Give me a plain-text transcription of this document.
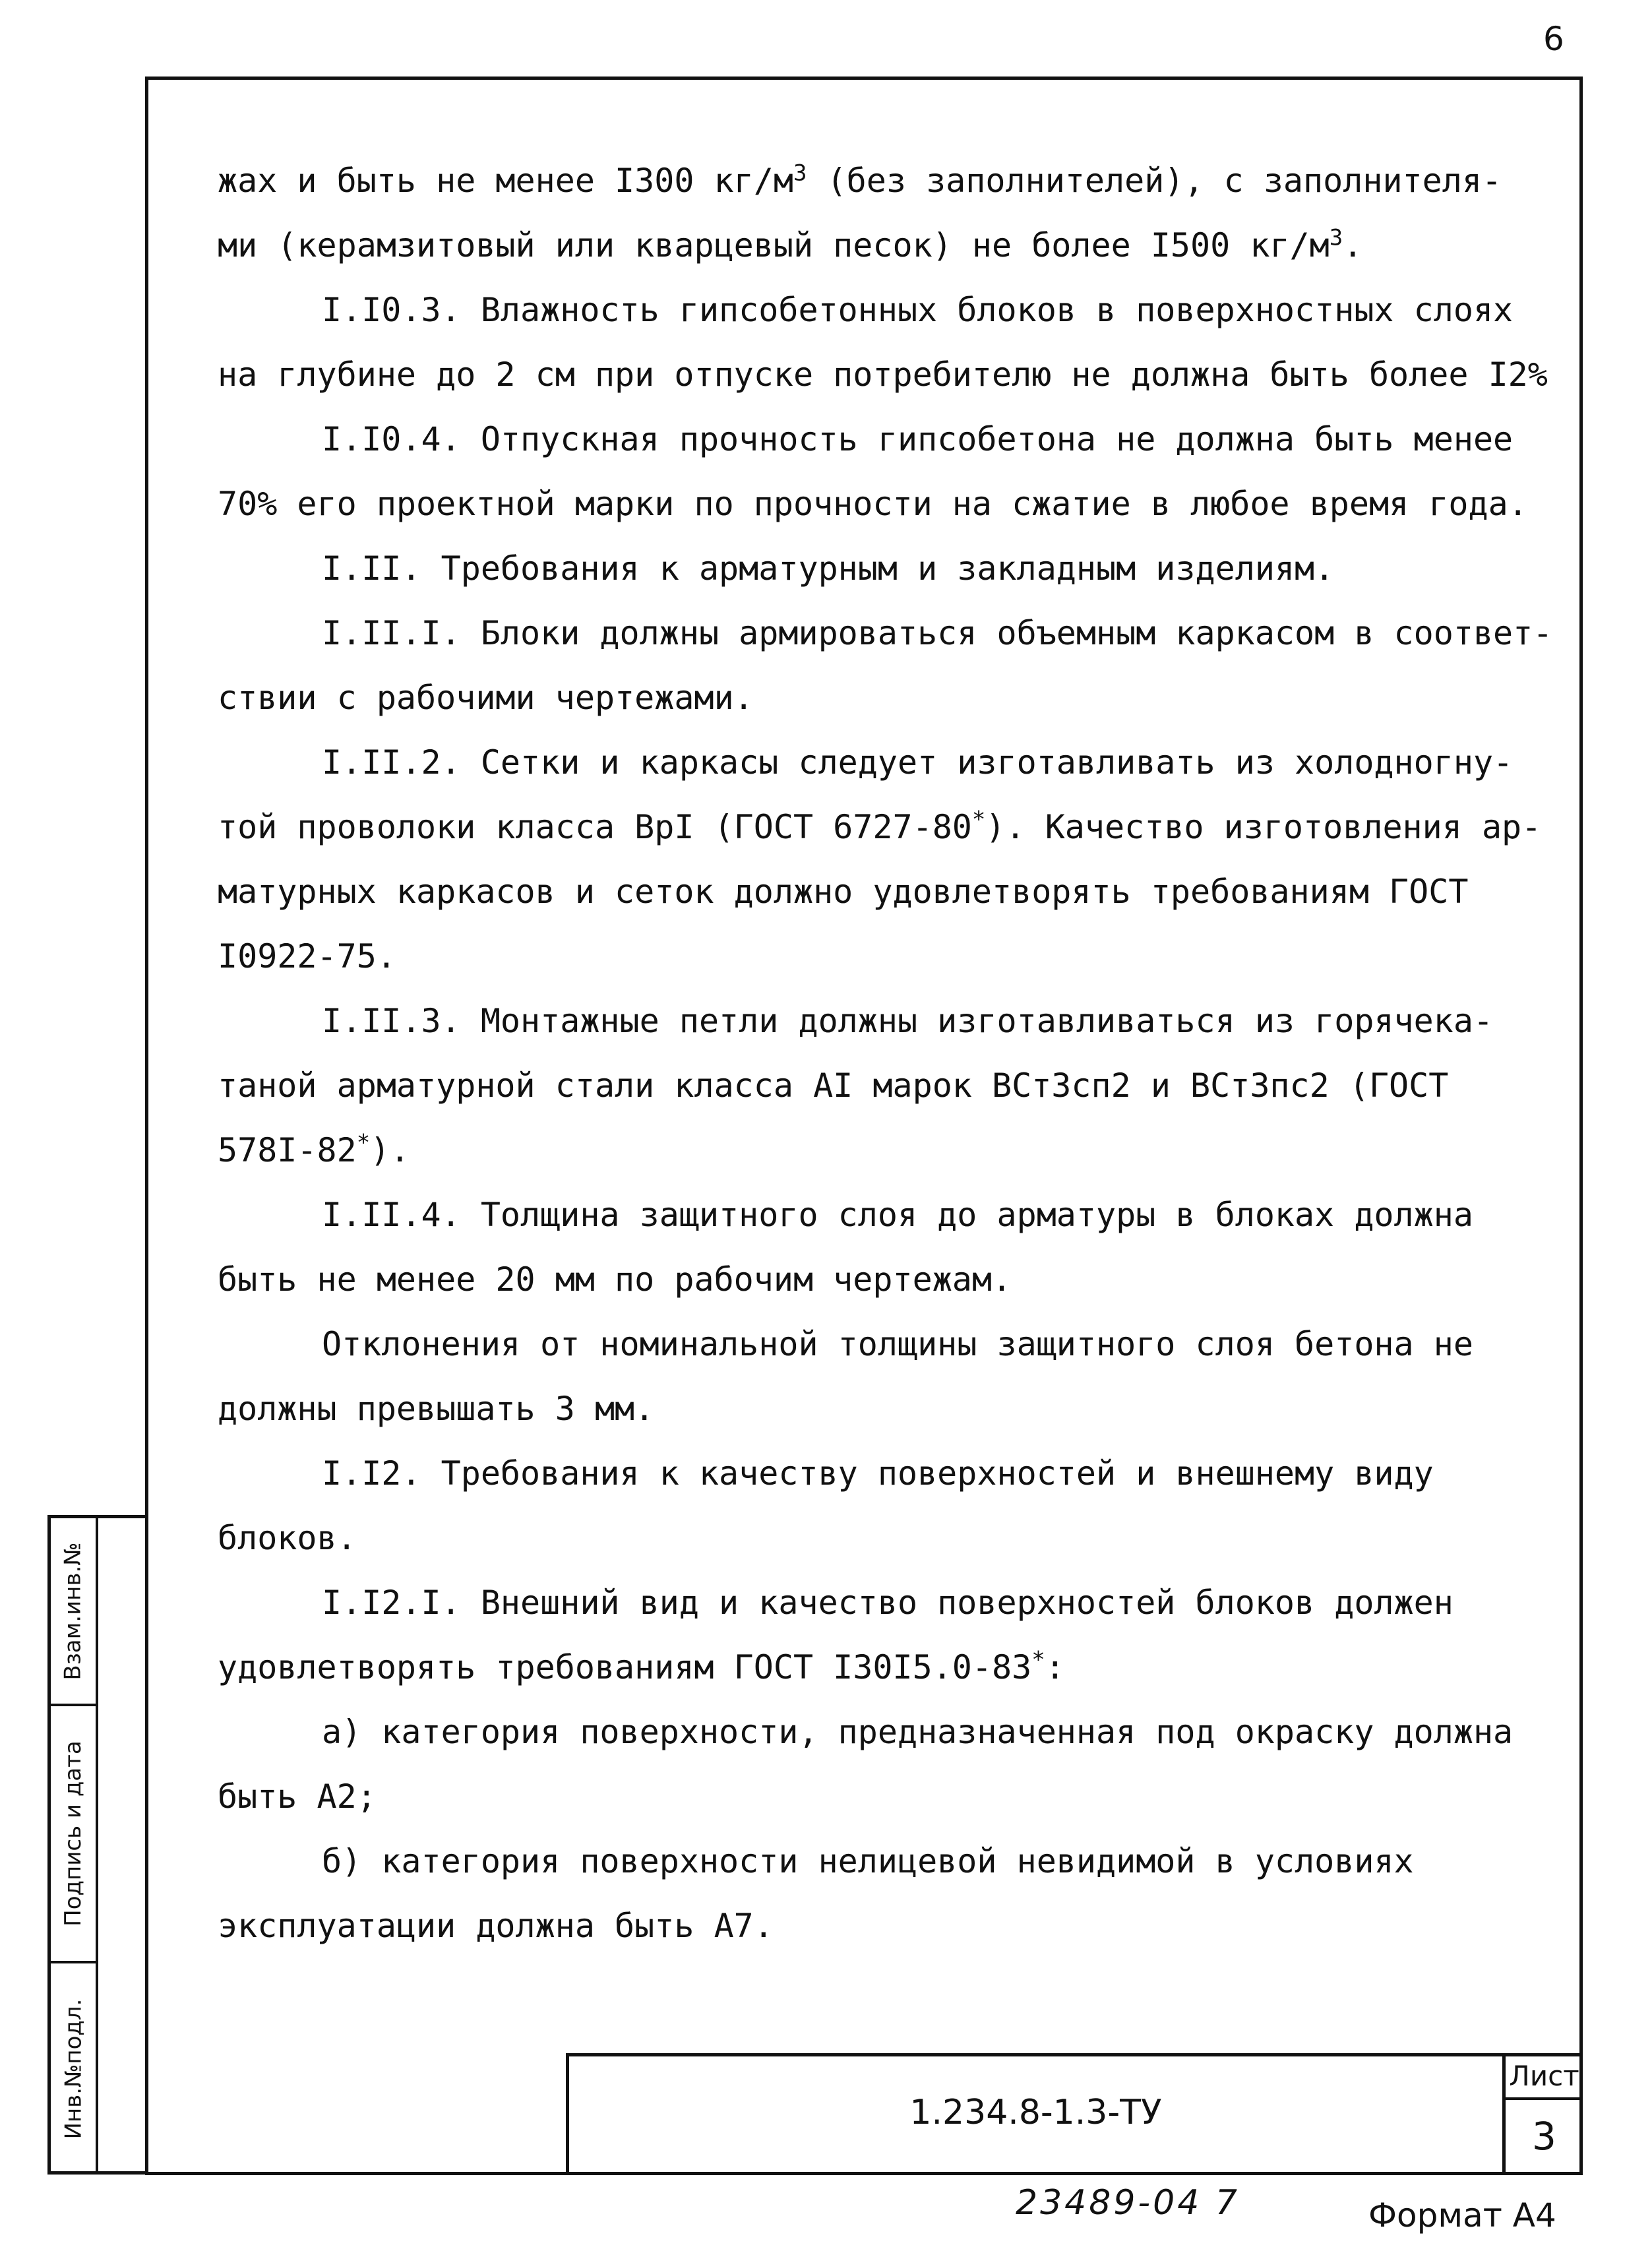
6
жах и быть не менее I300 $кг/м^3$ (без заполнителей), с заполнителя-
ми (керамзитовый или кварцевый песок) не более I500 $кг/м^3$.
I.I0.3. Влажность гипсобетонных блоков в поверхностных слоях
на глубине до 2 см при отпуске потребителю не должна быть более I2%
I.I0.4. Отпускная прочность гипсобетона не должна быть менее
70% его проектной марки по прочности на сжатие в любое время года.
I.II. Требования к арматурным и закладным изделиям.
I.II.I. Блоки должны армироваться объемным каркасом в соответ-
ствии с рабочими чертежами.
I.II.2. Сетки и каркасы следует изготавливать из холодногну-
той проволоки класса ВрI (ГОСТ 6727-80*). Качество изготовления ар-
матурных каркасов и сеток должно удовлетворять требованиям ГОСТ
I0922-75.
I.II.3. Монтажные петли должны изготавливаться из горячека-
таной арматурной стали класса AI марок ВСт3сп2 и ВСт3пс2 (ГОСТ
578I-82*).
I.II.4. Толщина защитного слоя до арматуры в блоках должна
быть не менее 20 мм по рабочим чертежам.
Отклонения от номинальной толщины защитного слоя бетона не
должны превышать 3 мм.
I.I2. Требования к качеству поверхностей и внешнему виду
блоков.
I.I2.I. Внешний вид и качество поверхностей блоков должен
удовлетворять требованиям ГОСТ I30I5.0-83*:
а) категория поверхности, предназначенная под окраску должна
быть А2;
б) категория поверхности нелицевой невидимой в условиях
эксплуатации должна быть А7.
Взам.инв.№
Подпись и дата
Инв.№подл.	1.234.8-1.3-ТУ
Лист
3
23489-04 7	Формат А4
